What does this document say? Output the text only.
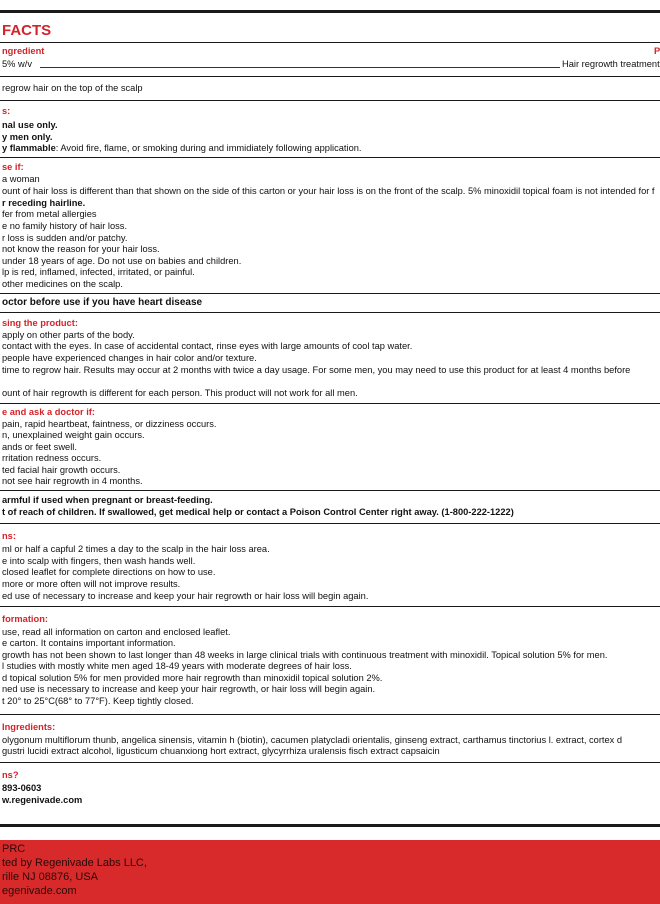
FACTS
ngredient	P
5% w/v	Hair regrowth treatment
regrow hair on the top of the scalp
s:
nal use only.
y men only.
y flammable: Avoid fire, flame, or smoking during and immidiately following application.
se if:
a woman
ount of hair loss is different than that shown on the side of this carton or your hair loss is on the front of the scalp. 5% minoxidil topical foam is not intended for f
r receding hairline.
fer from metal allergies
e no family history of hair loss.
r loss is sudden and/or patchy.
not know the reason for your hair loss.
under 18 years of age. Do not use on babies and children.
lp is red, inflamed, infected, irritated, or painful.
other medicines on the scalp.
octor before use if you have heart disease
sing the product:
apply on other parts of the body.
contact with the eyes. In case of accidental contact, rinse eyes with large amounts of cool tap water.
people have experienced changes in hair color and/or texture.
time to regrow hair. Results may occur at 2 months with twice a day usage. For some men, you may need to use this product for at least 4 months before
ount of hair regrowth is different for each person. This product will not work for all men.
e and ask a doctor if:
pain, rapid heartbeat, faintness, or dizziness occurs.
n, unexplained weight gain occurs.
ands or feet swell.
rritation redness occurs.
ted facial hair growth occurs.
not see hair regrowth in 4 months.
armful if used when pregnant or breast-feeding.
t of reach of children. If swallowed, get medical help or contact a Poison Control Center right away. (1-800-222-1222)
ns:
ml or half a capful 2 times a day to the scalp in the hair loss area.
e into scalp with fingers, then wash hands well.
closed leaflet for complete directions on how to use.
more or more often will not improve results.
ed use of necessary to increase and keep your hair regrowth or hair loss will begin again.
formation:
use, read all information on carton and enclosed leaflet.
e carton. It contains important information.
growth has not been shown to last longer than 48 weeks in large clinical trials with continuous treatment with minoxidil. Topical solution 5% for men.
l studies with mostly white men aged 18-49 years with moderate degrees of hair loss.
d topical solution 5% for men provided more hair regrowth than minoxidil topical solution 2%.
ned use is necessary to increase and keep your hair regrowth, or hair loss will begin again.
t 20° to 25°C(68° to 77°F). Keep tightly closed.
Ingredients:
olygonum multiflorum thunb, angelica sinensis, vitamin h (biotin), cacumen platycladi orientalis, ginseng extract, carthamus tinctorius l. extract, cortex d
gustri lucidi extract alcohol, ligusticum chuanxiong hort extract, glycyrrhiza uralensis fisch extract capsaicin
ns?
893-0603
w.regenivade.com
PRC
ted by Regenivade Labs LLC,
rille NJ 08876, USA
egenivade.com
